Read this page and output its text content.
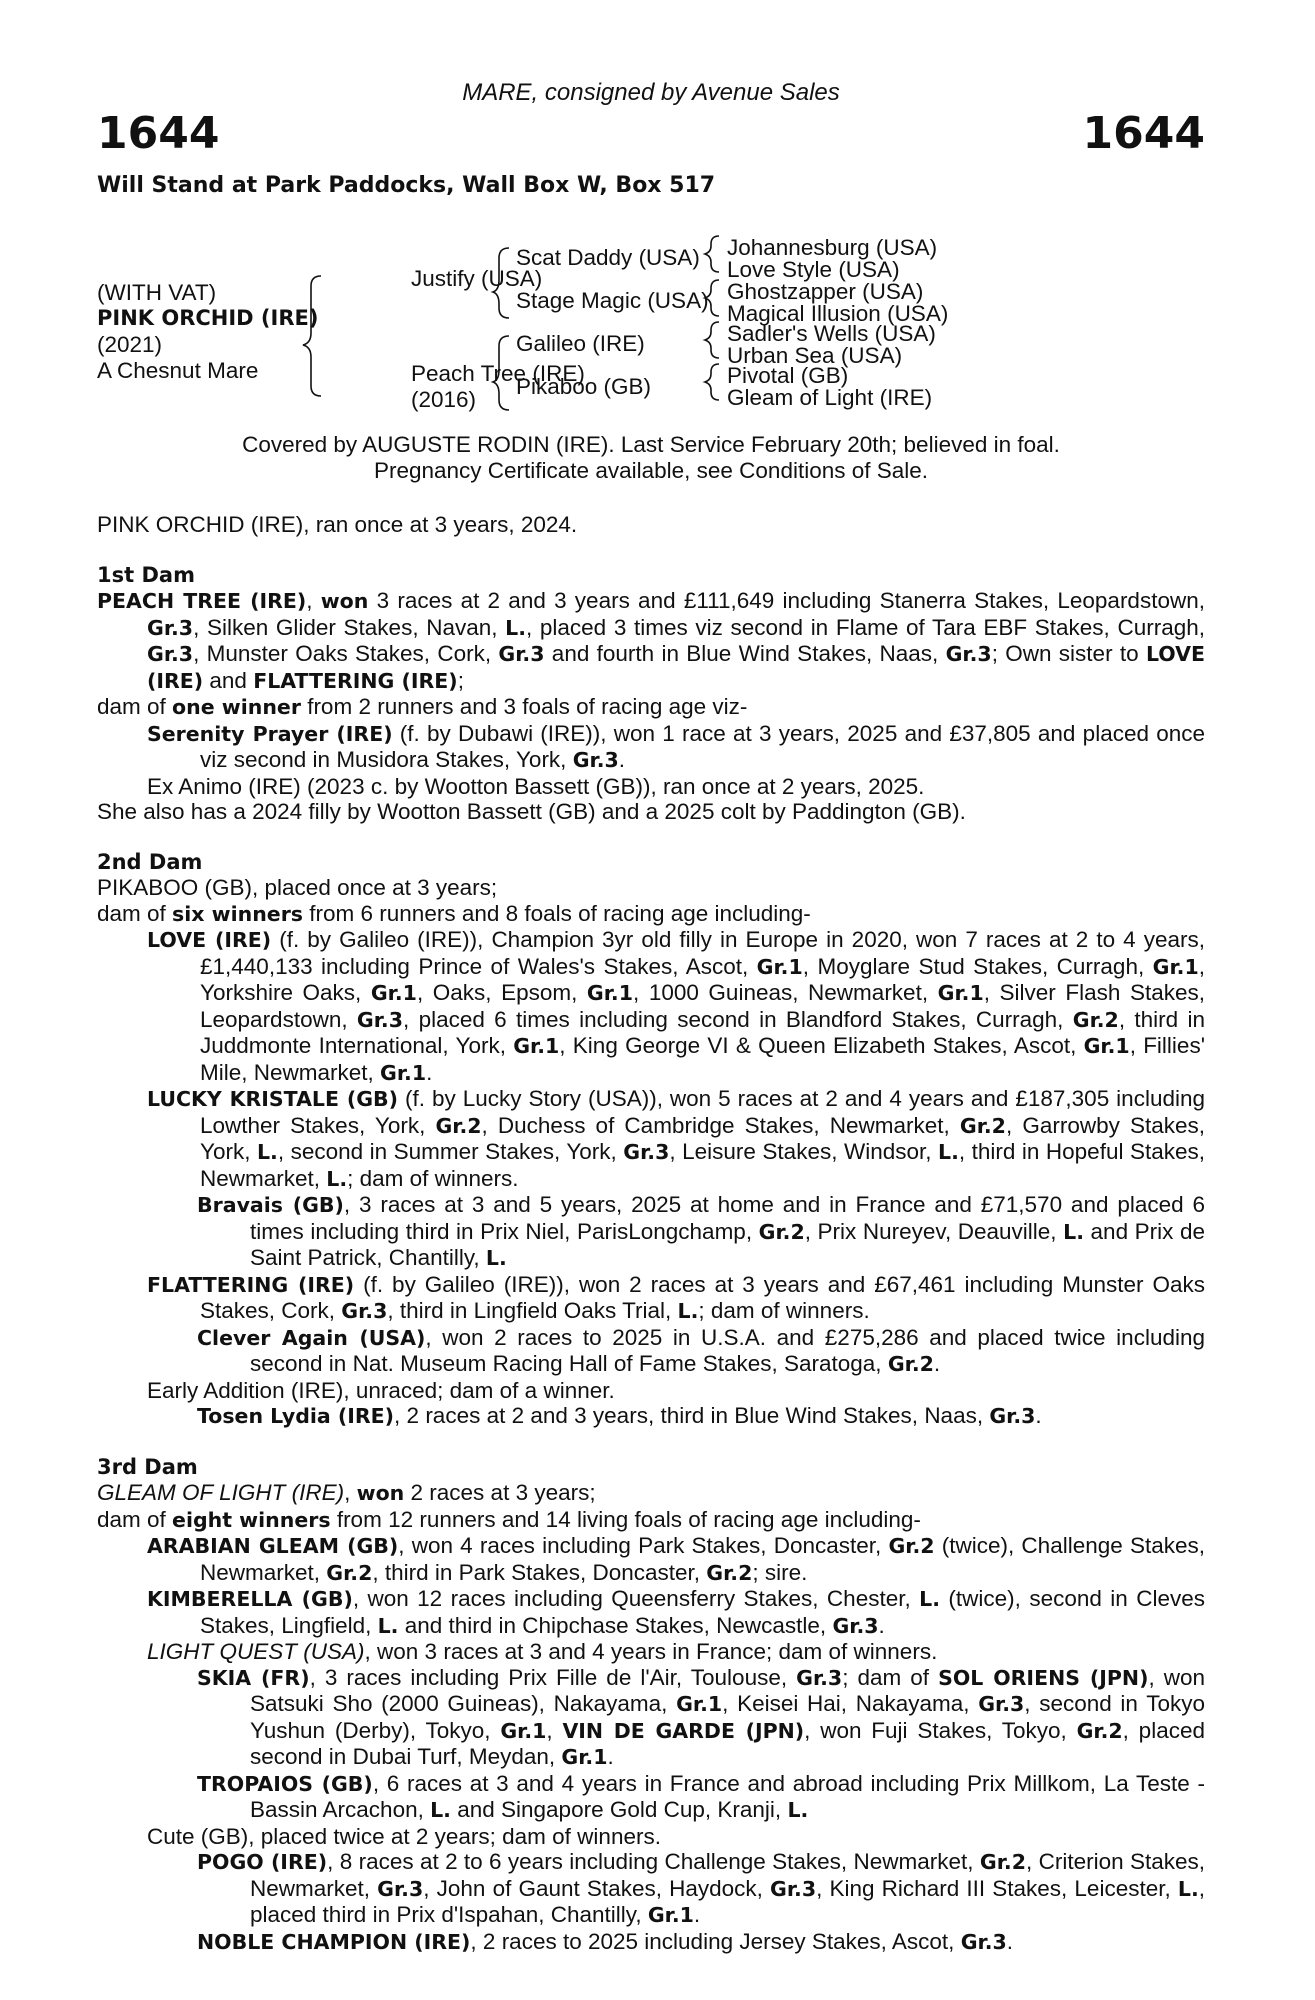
MARE, consigned by Avenue Sales
1644	1644
Will Stand at Park Paddocks, Wall Box W, Box 517
(WITH VAT)
PINK ORCHID (IRE)
(2021)
A Chesnut Mare
Justify (USA)
Peach Tree (IRE)
(2016)
Scat Daddy (USA)
Stage Magic (USA)
Galileo (IRE)
Pikaboo (GB)
Johannesburg (USA)
Love Style (USA)
Ghostzapper (USA)
Magical Illusion (USA)
Sadler's Wells (USA)
Urban Sea (USA)
Pivotal (GB)
Gleam of Light (IRE)
Covered by AUGUSTE RODIN (IRE). Last Service February 20th; believed in foal.
Pregnancy Certificate available, see Conditions of Sale.

PINK ORCHID (IRE), ran once at 3 years, 2024.

1st Dam

PEACH TREE (IRE), won 3 races at 2 and 3 years and £111,649 including Stanerra Stakes, Leopardstown, Gr.3, Silken Glider Stakes, Navan, L., placed 3 times viz second in Flame of Tara EBF Stakes, Curragh, Gr.3, Munster Oaks Stakes, Cork, Gr.3 and fourth in Blue Wind Stakes, Naas, Gr.3; Own sister to LOVE (IRE) and FLATTERING (IRE);

dam of one winner from 2 runners and 3 foals of racing age viz-

Serenity Prayer (IRE) (f. by Dubawi (IRE)), won 1 race at 3 years, 2025 and £37,805 and placed once viz second in Musidora Stakes, York, Gr.3.

Ex Animo (IRE) (2023 c. by Wootton Bassett (GB)), ran once at 2 years, 2025.

She also has a 2024 filly by Wootton Bassett (GB) and a 2025 colt by Paddington (GB).

2nd Dam

PIKABOO (GB), placed once at 3 years;

dam of six winners from 6 runners and 8 foals of racing age including-

LOVE (IRE) (f. by Galileo (IRE)), Champion 3yr old filly in Europe in 2020, won 7 races at 2 to 4 years, £1,440,133 including Prince of Wales's Stakes, Ascot, Gr.1, Moyglare Stud Stakes, Curragh, Gr.1, Yorkshire Oaks, Gr.1, Oaks, Epsom, Gr.1, 1000 Guineas, Newmarket, Gr.1, Silver Flash Stakes, Leopardstown, Gr.3, placed 6 times including second in Blandford Stakes, Curragh, Gr.2, third in Juddmonte International, York, Gr.1, King George VI & Queen Elizabeth Stakes, Ascot, Gr.1, Fillies' Mile, Newmarket, Gr.1.

LUCKY KRISTALE (GB) (f. by Lucky Story (USA)), won 5 races at 2 and 4 years and £187,305 including Lowther Stakes, York, Gr.2, Duchess of Cambridge Stakes, Newmarket, Gr.2, Garrowby Stakes, York, L., second in Summer Stakes, York, Gr.3, Leisure Stakes, Windsor, L., third in Hopeful Stakes, Newmarket, L.; dam of winners.

Bravais (GB), 3 races at 3 and 5 years, 2025 at home and in France and £71,570 and placed 6 times including third in Prix Niel, ParisLongchamp, Gr.2, Prix Nureyev, Deauville, L. and Prix de Saint Patrick, Chantilly, L.

FLATTERING (IRE) (f. by Galileo (IRE)), won 2 races at 3 years and £67,461 including Munster Oaks Stakes, Cork, Gr.3, third in Lingfield Oaks Trial, L.; dam of winners.

Clever Again (USA), won 2 races to 2025 in U.S.A. and £275,286 and placed twice including second in Nat. Museum Racing Hall of Fame Stakes, Saratoga, Gr.2.

Early Addition (IRE), unraced; dam of a winner.

Tosen Lydia (IRE), 2 races at 2 and 3 years, third in Blue Wind Stakes, Naas, Gr.3.

3rd Dam

GLEAM OF LIGHT (IRE), won 2 races at 3 years;

dam of eight winners from 12 runners and 14 living foals of racing age including-

ARABIAN GLEAM (GB), won 4 races including Park Stakes, Doncaster, Gr.2 (twice), Challenge Stakes, Newmarket, Gr.2, third in Park Stakes, Doncaster, Gr.2; sire.

KIMBERELLA (GB), won 12 races including Queensferry Stakes, Chester, L. (twice), second in Cleves Stakes, Lingfield, L. and third in Chipchase Stakes, Newcastle, Gr.3.

LIGHT QUEST (USA), won 3 races at 3 and 4 years in France; dam of winners.

SKIA (FR), 3 races including Prix Fille de l'Air, Toulouse, Gr.3; dam of SOL ORIENS (JPN), won Satsuki Sho (2000 Guineas), Nakayama, Gr.1, Keisei Hai, Nakayama, Gr.3, second in Tokyo Yushun (Derby), Tokyo, Gr.1, VIN DE GARDE (JPN), won Fuji Stakes, Tokyo, Gr.2, placed second in Dubai Turf, Meydan, Gr.1.

TROPAIOS (GB), 6 races at 3 and 4 years in France and abroad including Prix Millkom, La Teste - Bassin Arcachon, L. and Singapore Gold Cup, Kranji, L.

Cute (GB), placed twice at 2 years; dam of winners.

POGO (IRE), 8 races at 2 to 6 years including Challenge Stakes, Newmarket, Gr.2, Criterion Stakes, Newmarket, Gr.3, John of Gaunt Stakes, Haydock, Gr.3, King Richard III Stakes, Leicester, L., placed third in Prix d'Ispahan, Chantilly, Gr.1.

NOBLE CHAMPION (IRE), 2 races to 2025 including Jersey Stakes, Ascot, Gr.3.
